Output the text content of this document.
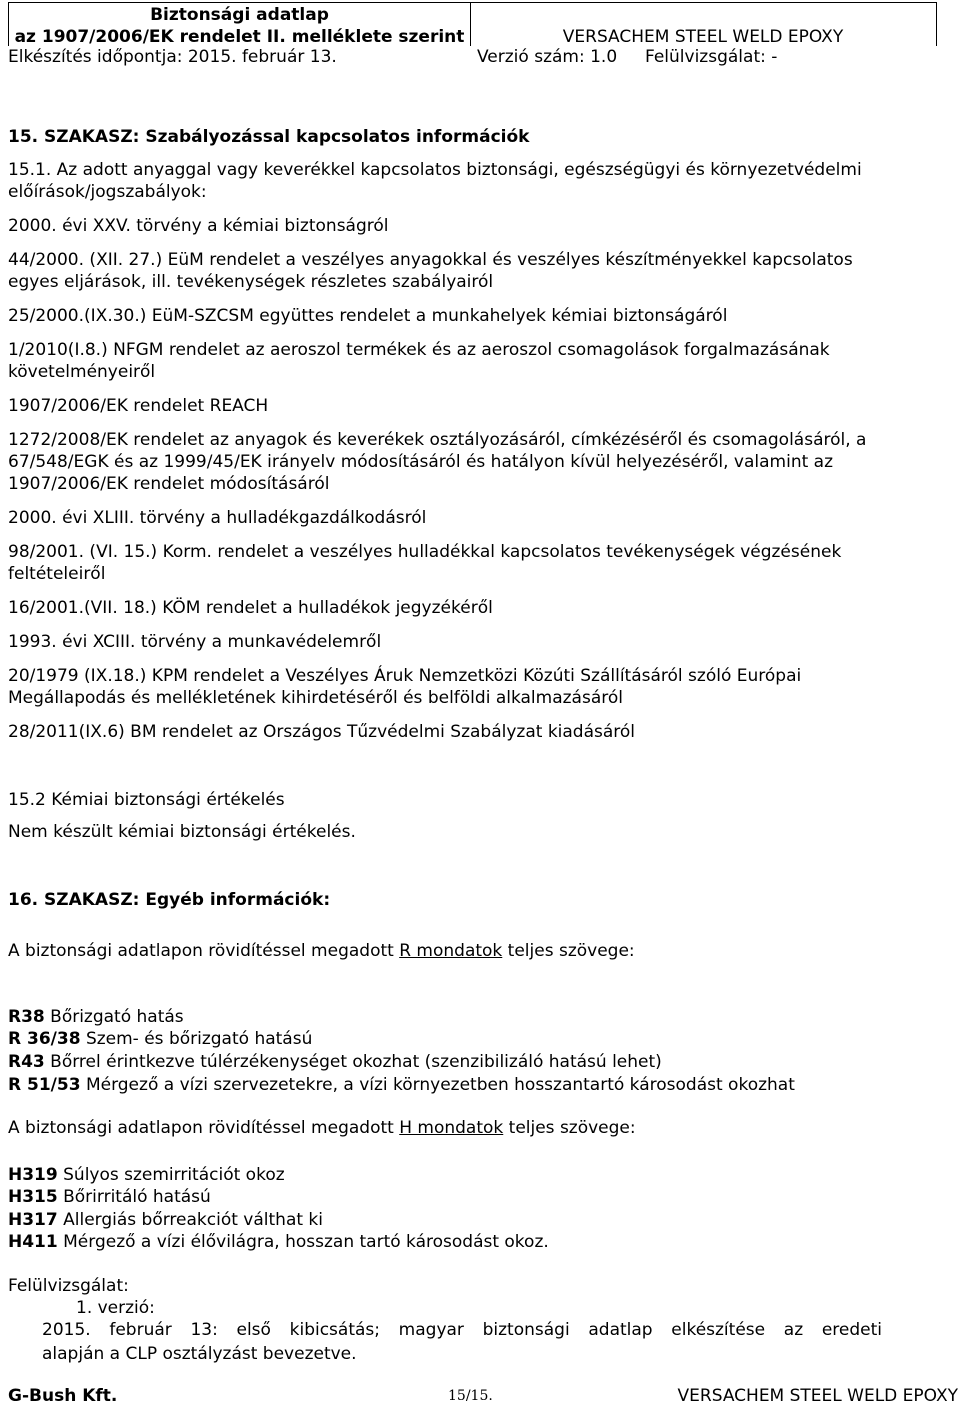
Biztonsági adatlap
az 1907/2006/EK rendelet II. melléklete szerint	VERSACHEM STEEL WELD EPOXY
Elkészítés időpontja: 2015. február 13.	Verzió szám: 1.0 Felülvizsgálat: -
15. SZAKASZ: Szabályozással kapcsolatos információk
15.1. Az adott anyaggal vagy keverékkel kapcsolatos biztonsági, egészségügyi és környezetvédelmi
előírások/jogszabályok:
2000. évi XXV. törvény a kémiai biztonságról
44/2000. (XII. 27.) EüM rendelet a veszélyes anyagokkal és veszélyes készítményekkel kapcsolatos
egyes eljárások, ill. tevékenységek részletes szabályairól
25/2000.(IX.30.) EüM-SZCSM együttes rendelet a munkahelyek kémiai biztonságáról
1/2010(I.8.) NFGM rendelet az aeroszol termékek és az aeroszol csomagolások forgalmazásának
követelményeiről
1907/2006/EK rendelet REACH
1272/2008/EK rendelet az anyagok és keverékek osztályozásáról, címkézéséről és csomagolásáról, a
67/548/EGK és az 1999/45/EK irányelv módosításáról és hatályon kívül helyezéséről, valamint az
1907/2006/EK rendelet módosításáról
2000. évi XLIII. törvény a hulladékgazdálkodásról
98/2001. (VI. 15.) Korm. rendelet a veszélyes hulladékkal kapcsolatos tevékenységek végzésének
feltételeiről
16/2001.(VII. 18.) KÖM rendelet a hulladékok jegyzékéről
1993. évi XCIII. törvény a munkavédelemről
20/1979 (IX.18.) KPM rendelet a Veszélyes Áruk Nemzetközi Közúti Szállításáról szóló Európai
Megállapodás és mellékletének kihirdetéséről és belföldi alkalmazásáról
28/2011(IX.6) BM rendelet az Országos Tűzvédelmi Szabályzat kiadásáról
15.2 Kémiai biztonsági értékelés
Nem készült kémiai biztonsági értékelés.
16. SZAKASZ: Egyéb információk:
A biztonsági adatlapon rövidítéssel megadott R mondatok teljes szövege:
R38 Bőrizgató hatás
R 36/38 Szem- és bőrizgató hatású
R43 Bőrrel érintkezve túlérzékenységet okozhat (szenzibilizáló hatású lehet)
R 51/53 Mérgező a vízi szervezetekre, a vízi környezetben hosszantartó károsodást okozhat
A biztonsági adatlapon rövidítéssel megadott H mondatok teljes szövege:
H319 Súlyos szemirritációt okoz
H315 Bőrirritáló hatású
H317 Allergiás bőrreakciót válthat ki
H411 Mérgező a vízi élővilágra, hosszan tartó károsodást okoz.
Felülvizsgálat:
1. verzió:
2015. február 13: első kibicsátás; magyar biztonsági adatlap elkészítése az eredeti
alapján a CLP osztályzást bevezetve.
G-Bush Kft.	15/15.	VERSACHEM STEEL WELD EPOXY
